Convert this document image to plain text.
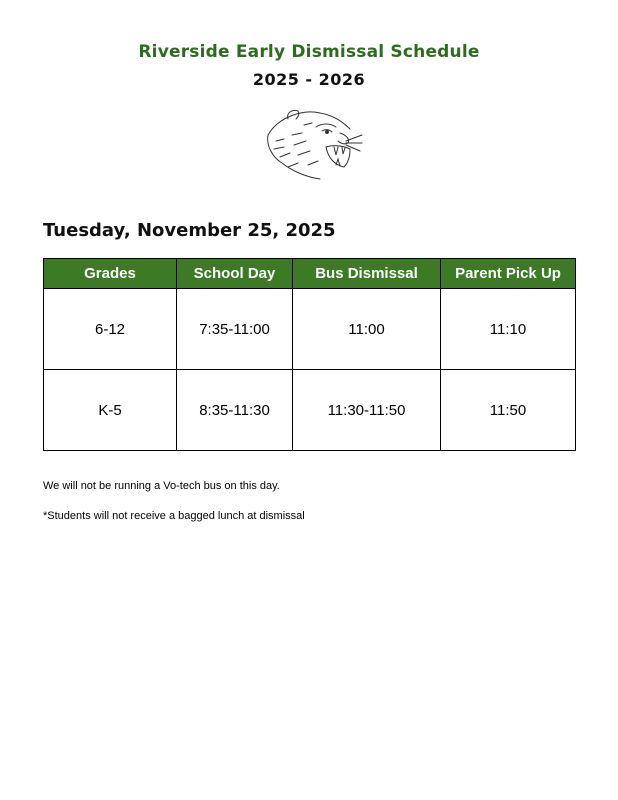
Riverside Early Dismissal Schedule
2025 - 2026
Tuesday, November 25, 2025
Grades	School Day	Bus Dismissal	Parent Pick Up
6-12	7:35-11:00	11:00	11:10
K-5	8:35-11:30	11:30-11:50	11:50
We will not be running a Vo-tech bus on this day.
*Students will not receive a bagged lunch at dismissal
